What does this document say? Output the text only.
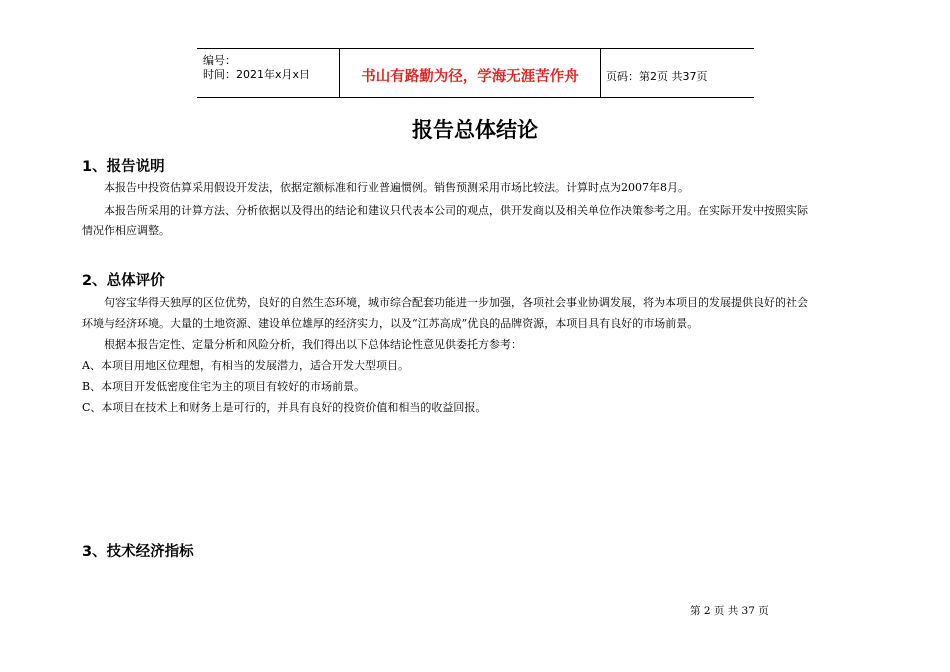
编号：
时间：2021年x月x日	书山有路勤为径，学海无涯苦作舟	页码：第2页 共37页
报告总体结论
1、报告说明
本报告中投资估算采用假设开发法，依据定额标准和行业普遍惯例。销售预测采用市场比较法。计算时点为2007年8月。
本报告所采用的计算方法、分析依据以及得出的结论和建议只代表本公司的观点，供开发商以及相关单位作决策参考之用。在实际开发中按照实际
情况作相应调整。
2、总体评价
句容宝华得天独厚的区位优势，良好的自然生态环境，城市综合配套功能进一步加强，各项社会事业协调发展，将为本项目的发展提供良好的社会
环境与经济环境。大量的土地资源、建设单位雄厚的经济实力，以及“江苏高成”优良的品牌资源，本项目具有良好的市场前景。
根据本报告定性、定量分析和风险分析，我们得出以下总体结论性意见供委托方参考：
A、本项目用地区位理想，有相当的发展潜力，适合开发大型项目。
B、本项目开发低密度住宅为主的项目有较好的市场前景。
C、本项目在技术上和财务上是可行的，并具有良好的投资价值和相当的收益回报。
3、技术经济指标
第 2 页 共 37 页
